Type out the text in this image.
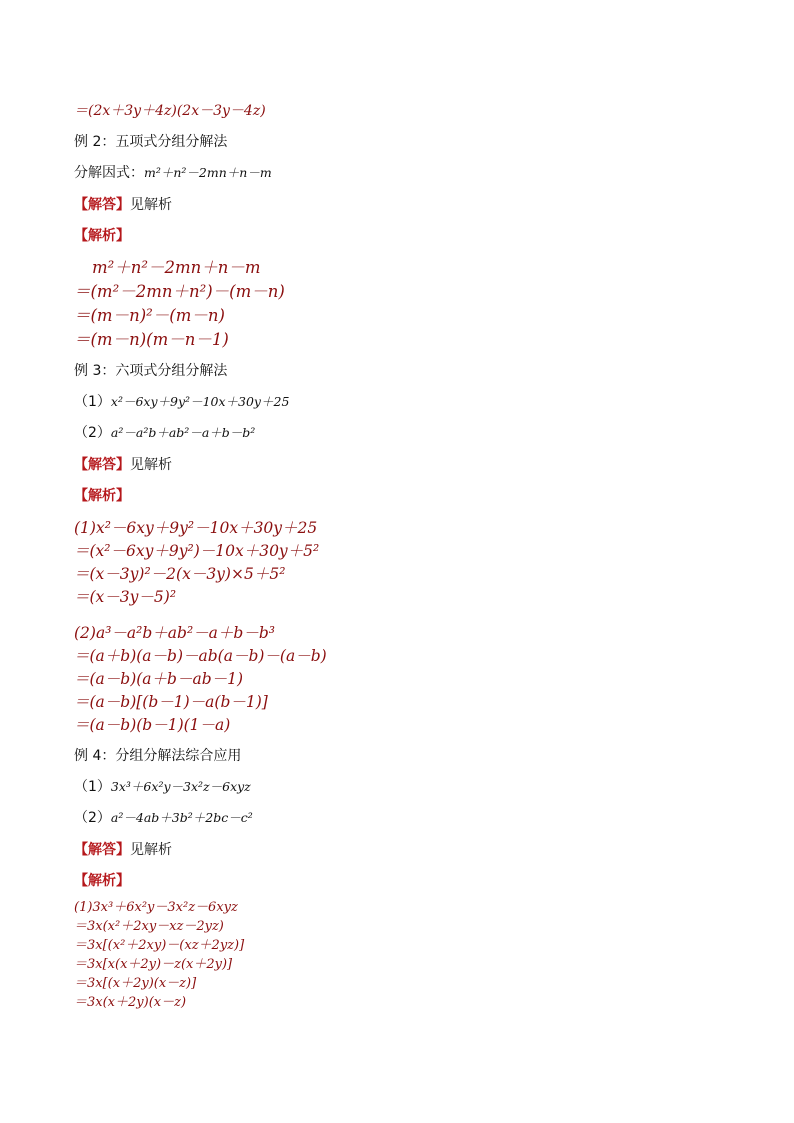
＝(2x＋3y＋4z)(2x－3y－4z)
例 2：五项式分组分解法
分解因式：m²＋n²－2mn＋n－m
【解答】见解析
【解析】
m²＋n²－2mn＋n－m
＝(m²－2mn＋n²)－(m－n)
＝(m－n)²－(m－n)
＝(m－n)(m－n－1)
例 3：六项式分组分解法
（1）x²－6xy＋9y²－10x＋30y＋25
（2）a²－a²b＋ab²－a＋b－b²
【解答】见解析
【解析】
(1)x²－6xy＋9y²－10x＋30y＋25
＝(x²－6xy＋9y²)－10x＋30y＋5²
＝(x－3y)²－2(x－3y)×5＋5²
＝(x－3y－5)²
(2)a³－a²b＋ab²－a＋b－b³
＝(a＋b)(a－b)－ab(a－b)－(a－b)
＝(a－b)(a＋b－ab－1)
＝(a－b)[(b－1)－a(b－1)]
＝(a－b)(b－1)(1－a)
例 4：分组分解法综合应用
（1）3x³＋6x²y－3x²z－6xyz
（2）a²－4ab＋3b²＋2bc－c²
【解答】见解析
【解析】
(1)3x³＋6x²y－3x²z－6xyz
＝3x(x²＋2xy－xz－2yz)
＝3x[(x²＋2xy)－(xz＋2yz)]
＝3x[x(x＋2y)－z(x＋2y)]
＝3x[(x＋2y)(x－z)]
＝3x(x＋2y)(x－z)
